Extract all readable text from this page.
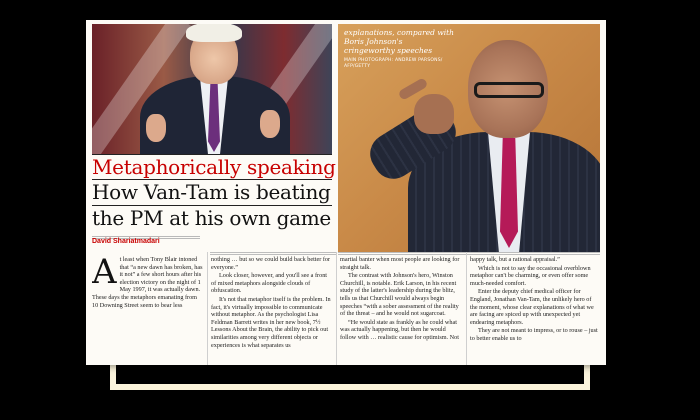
explanations, compared with Boris Johnson's cringeworthy speeches
MAIN PHOTOGRAPH: ANDREW PARSONS/ AFP/GETTY
Metaphorically speaking
How Van-Tam is beating
the PM at his own game
David Shariatmadari
A t least when Tony Blair intoned that “a new dawn has broken, has it not” a few short hours after his election victory on the night of 1 May 1997, it was actually dawn. These days the metaphors emanating from 10 Downing Street seem to bear less

nothing … but so we could build back better for everyone.”

Look closer, however, and you'll see a front of mixed metaphors alongside clouds of obfuscation.

It's not that metaphor itself is the problem. In fact, it's virtually impossible to communicate without metaphor. As the psychologist Lisa Feldman Barrett writes in her new book, 7½ Lessons About the Brain, the ability to pick out similarities among very different objects or experiences is what separates us

martial banter when most people are looking for straight talk.

The contrast with Johnson's hero, Winston Churchill, is notable. Erik Larson, in his recent study of the latter's leadership during the blitz, tells us that Churchill would always begin speeches “with a sober assessment of the reality of the threat – and he would not sugarcoat.

“He would state as frankly as he could what was actually happening, but then he would follow with … realistic cause for optimism. Not

happy talk, but a rational appraisal.”

Which is not to say the occasional overblown metaphor can't be charming, or even offer some much-needed comfort.

Enter the deputy chief medical officer for England, Jonathan Van-Tam, the unlikely hero of the moment, whose clear explanations of what we are facing are spiced up with unexpected yet endearing metaphors.

They are not meant to impress, or to rouse – just to better enable us to
